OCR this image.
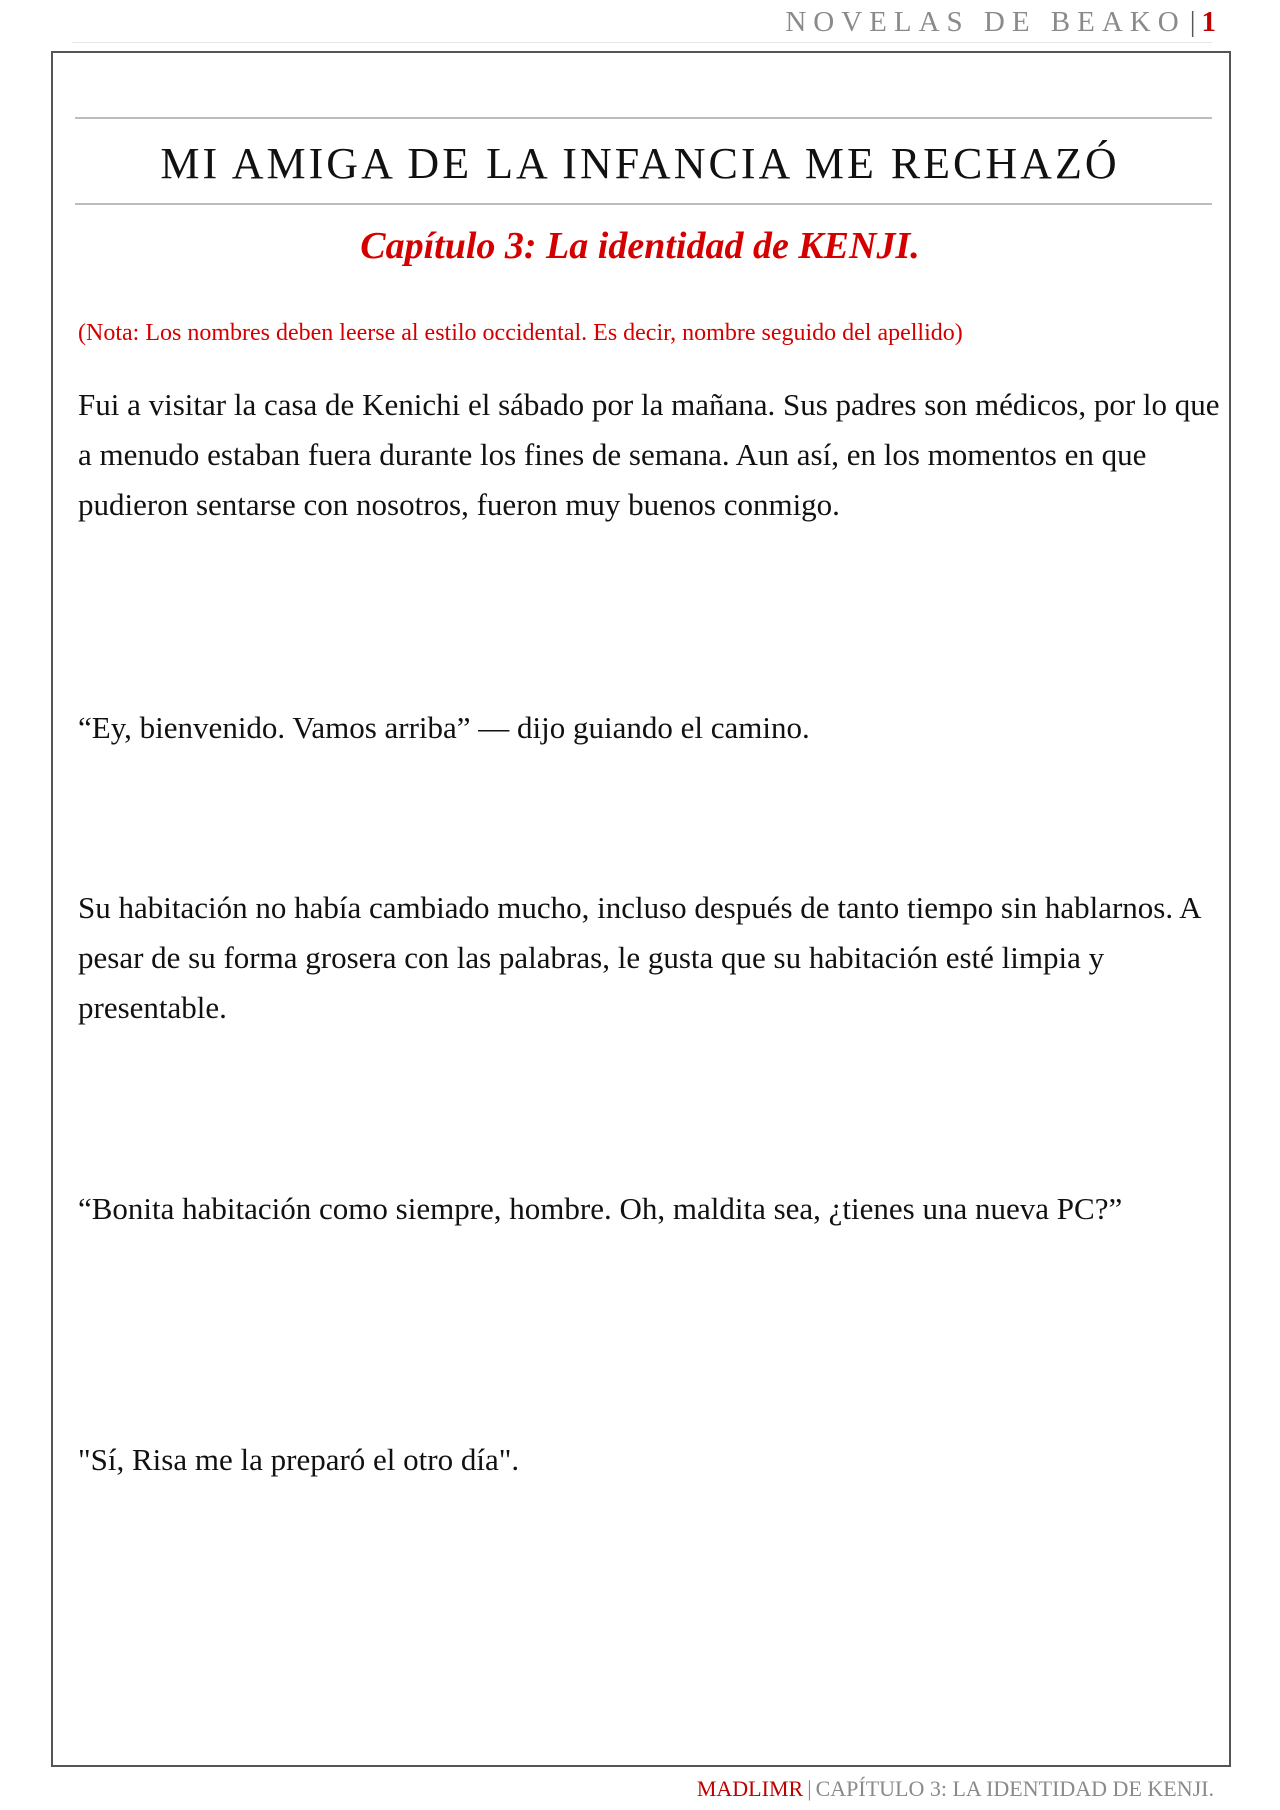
NOVELAS DE BEAKO | 1
MI AMIGA DE LA INFANCIA ME RECHAZÓ
Capítulo 3: La identidad de KENJI.
(Nota: Los nombres deben leerse al estilo occidental. Es decir, nombre seguido del apellido)

Fui a visitar la casa de Kenichi el sábado por la mañana. Sus padres son médicos, por lo que a menudo estaban fuera durante los fines de semana. Aun así, en los momentos en que pudieron sentarse con nosotros, fueron muy buenos conmigo.

“Ey, bienvenido. Vamos arriba” — dijo guiando el camino.

Su habitación no había cambiado mucho, incluso después de tanto tiempo sin hablarnos. A pesar de su forma grosera con las palabras, le gusta que su habitación esté limpia y presentable.

“Bonita habitación como siempre, hombre. Oh, maldita sea, ¿tienes una nueva PC?”

"Sí, Risa me la preparó el otro día".

MADLIMR | CAPÍTULO 3: LA IDENTIDAD DE KENJI.
